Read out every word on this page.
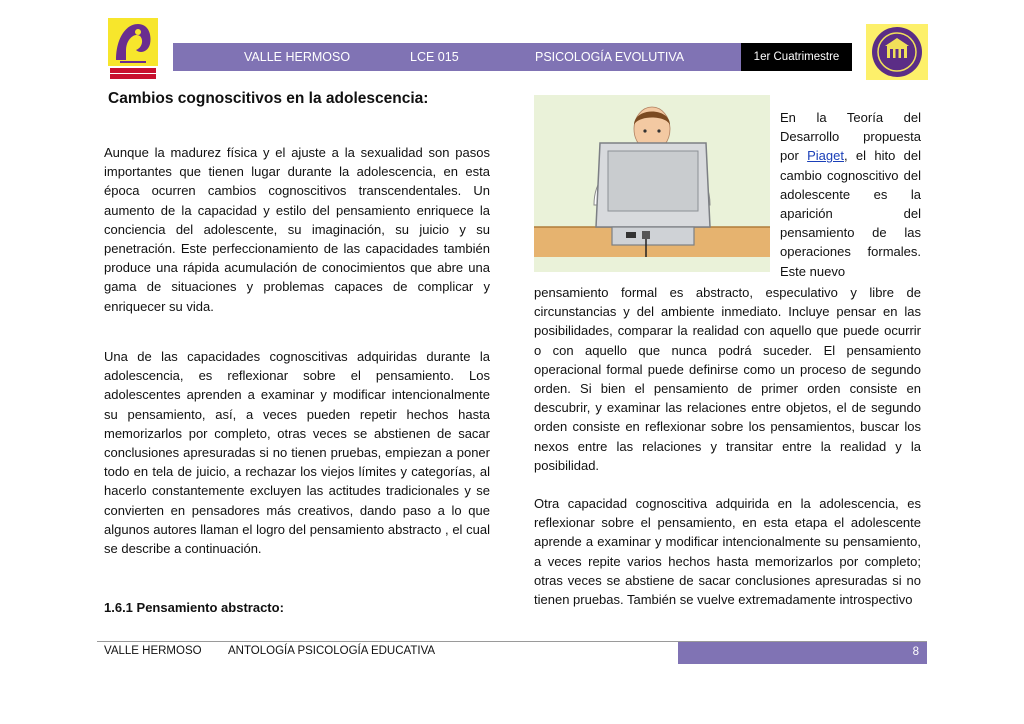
VALLE HERMOSO	LCE 015	PSICOLOGÍA EVOLUTIVA	1er Cuatrimestre
Cambios cognoscitivos en la adolescencia:

Aunque la madurez física y el ajuste a la sexualidad son pasos importantes que tienen lugar durante la adolescencia, en esta época ocurren cambios cognoscitivos transcendentales. Un aumento de la capacidad y estilo del pensamiento enriquece la conciencia del adolescente, su imaginación, su juicio y su penetración. Este perfeccionamiento de las capacidades también produce una rápida acumulación de conocimientos que abre una gama de situaciones y problemas capaces de complicar y enriquecer su vida.

Una de las capacidades cognoscitivas adquiridas durante la adolescencia, es reflexionar sobre el pensamiento. Los adolescentes aprenden a examinar y modificar intencionalmente su pensamiento, así, a veces pueden repetir hechos hasta memorizarlos por completo, otras veces se abstienen de sacar conclusiones apresuradas si no tienen pruebas, empiezan a poner todo en tela de juicio, a rechazar los viejos límites y categorías, al hacerlo constantemente excluyen las actitudes tradicionales y se convierten en pensadores más creativos, dando paso a lo que algunos autores llaman el logro del pensamiento abstracto , el cual se describe a continuación.

1.6.1 Pensamiento abstracto:

En la Teoría del Desarrollo propuesta por Piaget, el hito del cambio cognoscitivo del adolescente es la aparición del pensamiento de las operaciones formales. Este nuevo

pensamiento formal es abstracto, especulativo y libre de circunstancias y del ambiente inmediato. Incluye pensar en las posibilidades, comparar la realidad con aquello que puede ocurrir o con aquello que nunca podrá suceder. El pensamiento operacional formal puede definirse como un proceso de segundo orden. Si bien el pensamiento de primer orden consiste en descubrir, y examinar las relaciones entre objetos, el de segundo orden consiste en reflexionar sobre los pensamientos, buscar los nexos entre las relaciones y transitar entre la realidad y la posibilidad.

Otra capacidad cognoscitiva adquirida en la adolescencia, es reflexionar sobre el pensamiento, en esta etapa el adolescente aprende a examinar y modificar intencionalmente su pensamiento, a veces repite varios hechos hasta memorizarlos por completo; otras veces se abstiene de sacar conclusiones apresuradas si no tienen pruebas. También se vuelve extremadamente introspectivo

VALLE HERMOSO ANTOLOGÍA PSICOLOGÍA EDUCATIVA	8
